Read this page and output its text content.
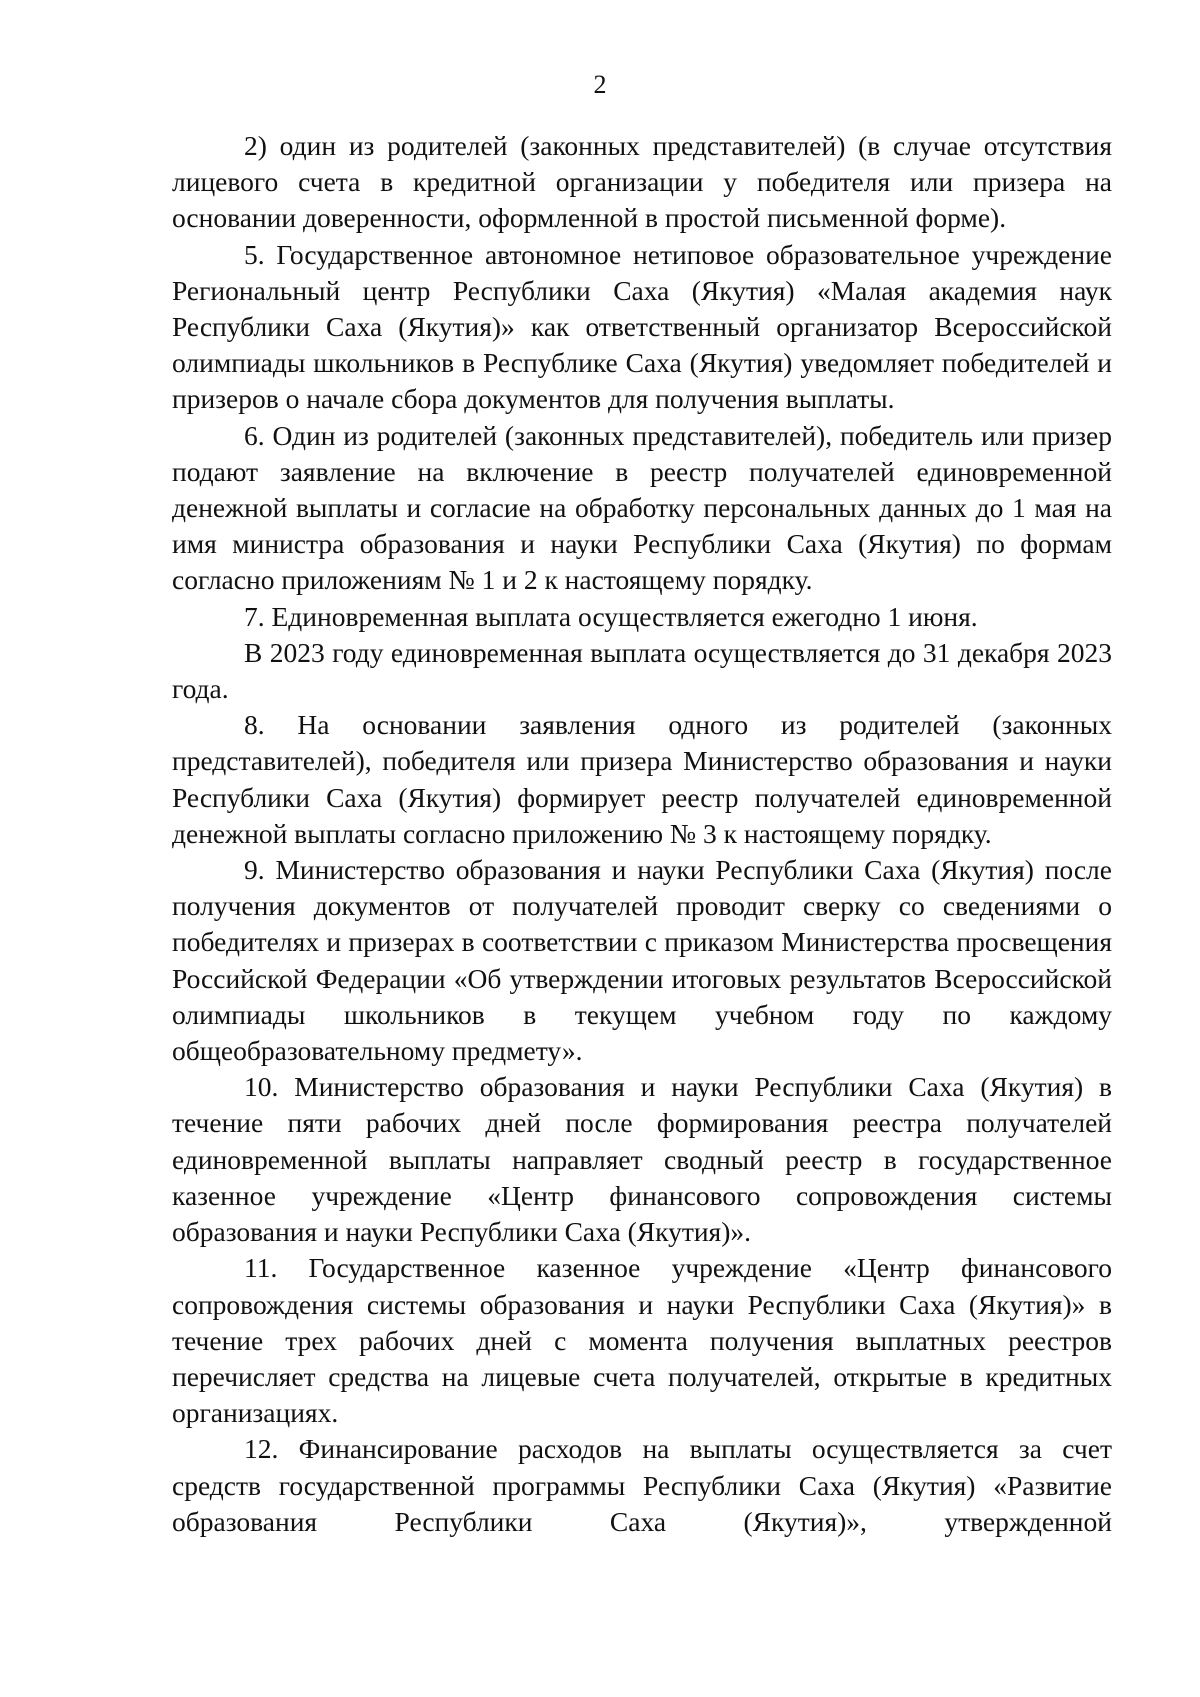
2

2) один из родителей (законных представителей) (в случае отсутствия лицевого счета в кредитной организации у победителя или призера на основании доверенности, оформленной в простой письменной форме).

5. Государственное автономное нетиповое образовательное учреждение Региональный центр Республики Саха (Якутия) «Малая академия наук Республики Саха (Якутия)» как ответственный организатор Всероссийской олимпиады школьников в Республике Саха (Якутия) уведомляет победителей и призеров о начале сбора документов для получения выплаты.

6. Один из родителей (законных представителей), победитель или призер подают заявление на включение в реестр получателей единовременной денежной выплаты и согласие на обработку персональных данных до 1 мая на имя министра образования и науки Республики Саха (Якутия) по формам согласно приложениям № 1 и 2 к настоящему порядку.

7. Единовременная выплата осуществляется ежегодно 1 июня.

В 2023 году единовременная выплата осуществляется до 31 декабря 2023 года.

8. На основании заявления одного из родителей (законных представителей), победителя или призера Министерство образования и науки Республики Саха (Якутия) формирует реестр получателей единовременной денежной выплаты согласно приложению № 3 к настоящему порядку.

9. Министерство образования и науки Республики Саха (Якутия) после получения документов от получателей проводит сверку со сведениями о победителях и призерах в соответствии с приказом Министерства просвещения Российской Федерации «Об утверждении итоговых результатов Всероссийской олимпиады школьников в текущем учебном году по каждому общеобразовательному предмету».

10. Министерство образования и науки Республики Саха (Якутия) в течение пяти рабочих дней после формирования реестра получателей единовременной выплаты направляет сводный реестр в государственное казенное учреждение «Центр финансового сопровождения системы образования и науки Республики Саха (Якутия)».

11. Государственное казенное учреждение «Центр финансового сопровождения системы образования и науки Республики Саха (Якутия)» в течение трех рабочих дней с момента получения выплатных реестров перечисляет средства на лицевые счета получателей, открытые в кредитных организациях.

12. Финансирование расходов на выплаты осуществляется за счет средств государственной программы Республики Саха (Якутия) «Развитие образования Республики Саха (Якутия)», утвержденной
